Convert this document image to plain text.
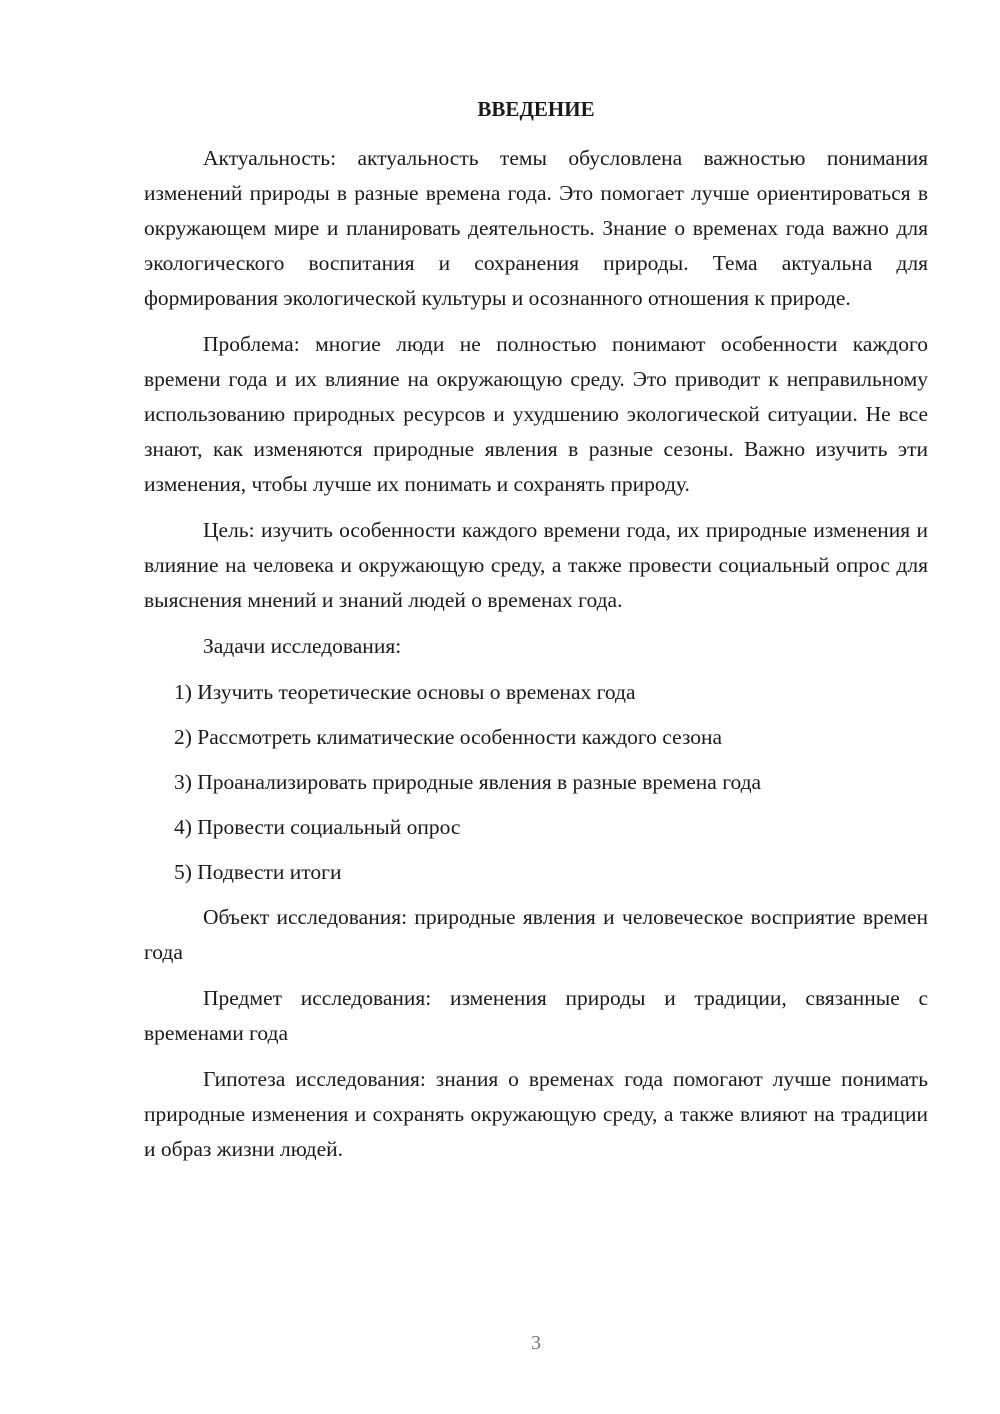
ВВЕДЕНИЕ

Актуальность: актуальность темы обусловлена важностью понимания изменений природы в разные времена года. Это помогает лучше ориентироваться в окружающем мире и планировать деятельность. Знание о временах года важно для экологического воспитания и сохранения природы. Тема актуальна для формирования экологической культуры и осознанного отношения к природе.

Проблема: многие люди не полностью понимают особенности каждого времени года и их влияние на окружающую среду. Это приводит к неправильному использованию природных ресурсов и ухудшению экологической ситуации. Не все знают, как изменяются природные явления в разные сезоны. Важно изучить эти изменения, чтобы лучше их понимать и сохранять природу.

Цель: изучить особенности каждого времени года, их природные изменения и влияние на человека и окружающую среду, а также провести социальный опрос для выяснения мнений и знаний людей о временах года.

Задачи исследования:

1) Изучить теоретические основы о временах года
2) Рассмотреть климатические особенности каждого сезона
3) Проанализировать природные явления в разные времена года
4) Провести социальный опрос
5) Подвести итоги

Объект исследования: природные явления и человеческое восприятие времен года

Предмет исследования: изменения природы и традиции, связанные с временами года

Гипотеза исследования: знания о временах года помогают лучше понимать природные изменения и сохранять окружающую среду, а также влияют на традиции и образ жизни людей.

3
